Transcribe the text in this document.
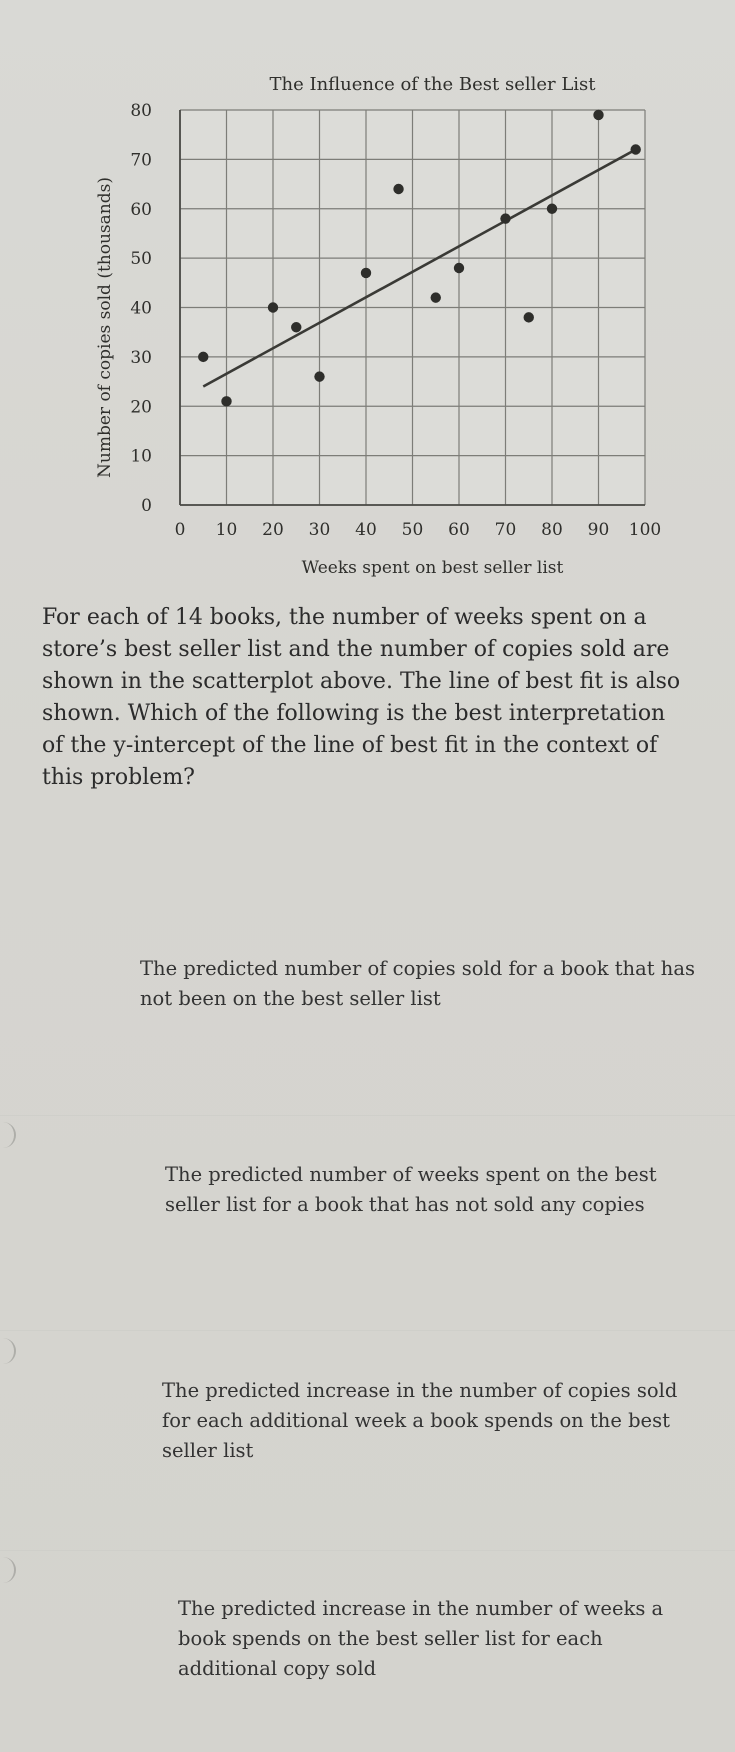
0 10 20 30 40 50 60 70 80 90 100
0
10
20
30
40
50
60
70
80
The Influence of the Best seller List
Weeks spent on best seller list
Number of copies sold (thousands)
For each of 14 books, the number of weeks spent on a store’s best seller list and the number of copies sold are shown in the scatterplot above. The line of best fit is also shown. Which of the following is the best interpretation of the y-intercept of the line of best fit in the context of this problem?
The predicted number of copies sold for a book that has not been on the best seller list
The predicted number of weeks spent on the best seller list for a book that has not sold any copies
The predicted increase in the number of copies sold for each additional week a book spends on the best seller list
The predicted increase in the number of weeks a book spends on the best seller list for each additional copy sold
